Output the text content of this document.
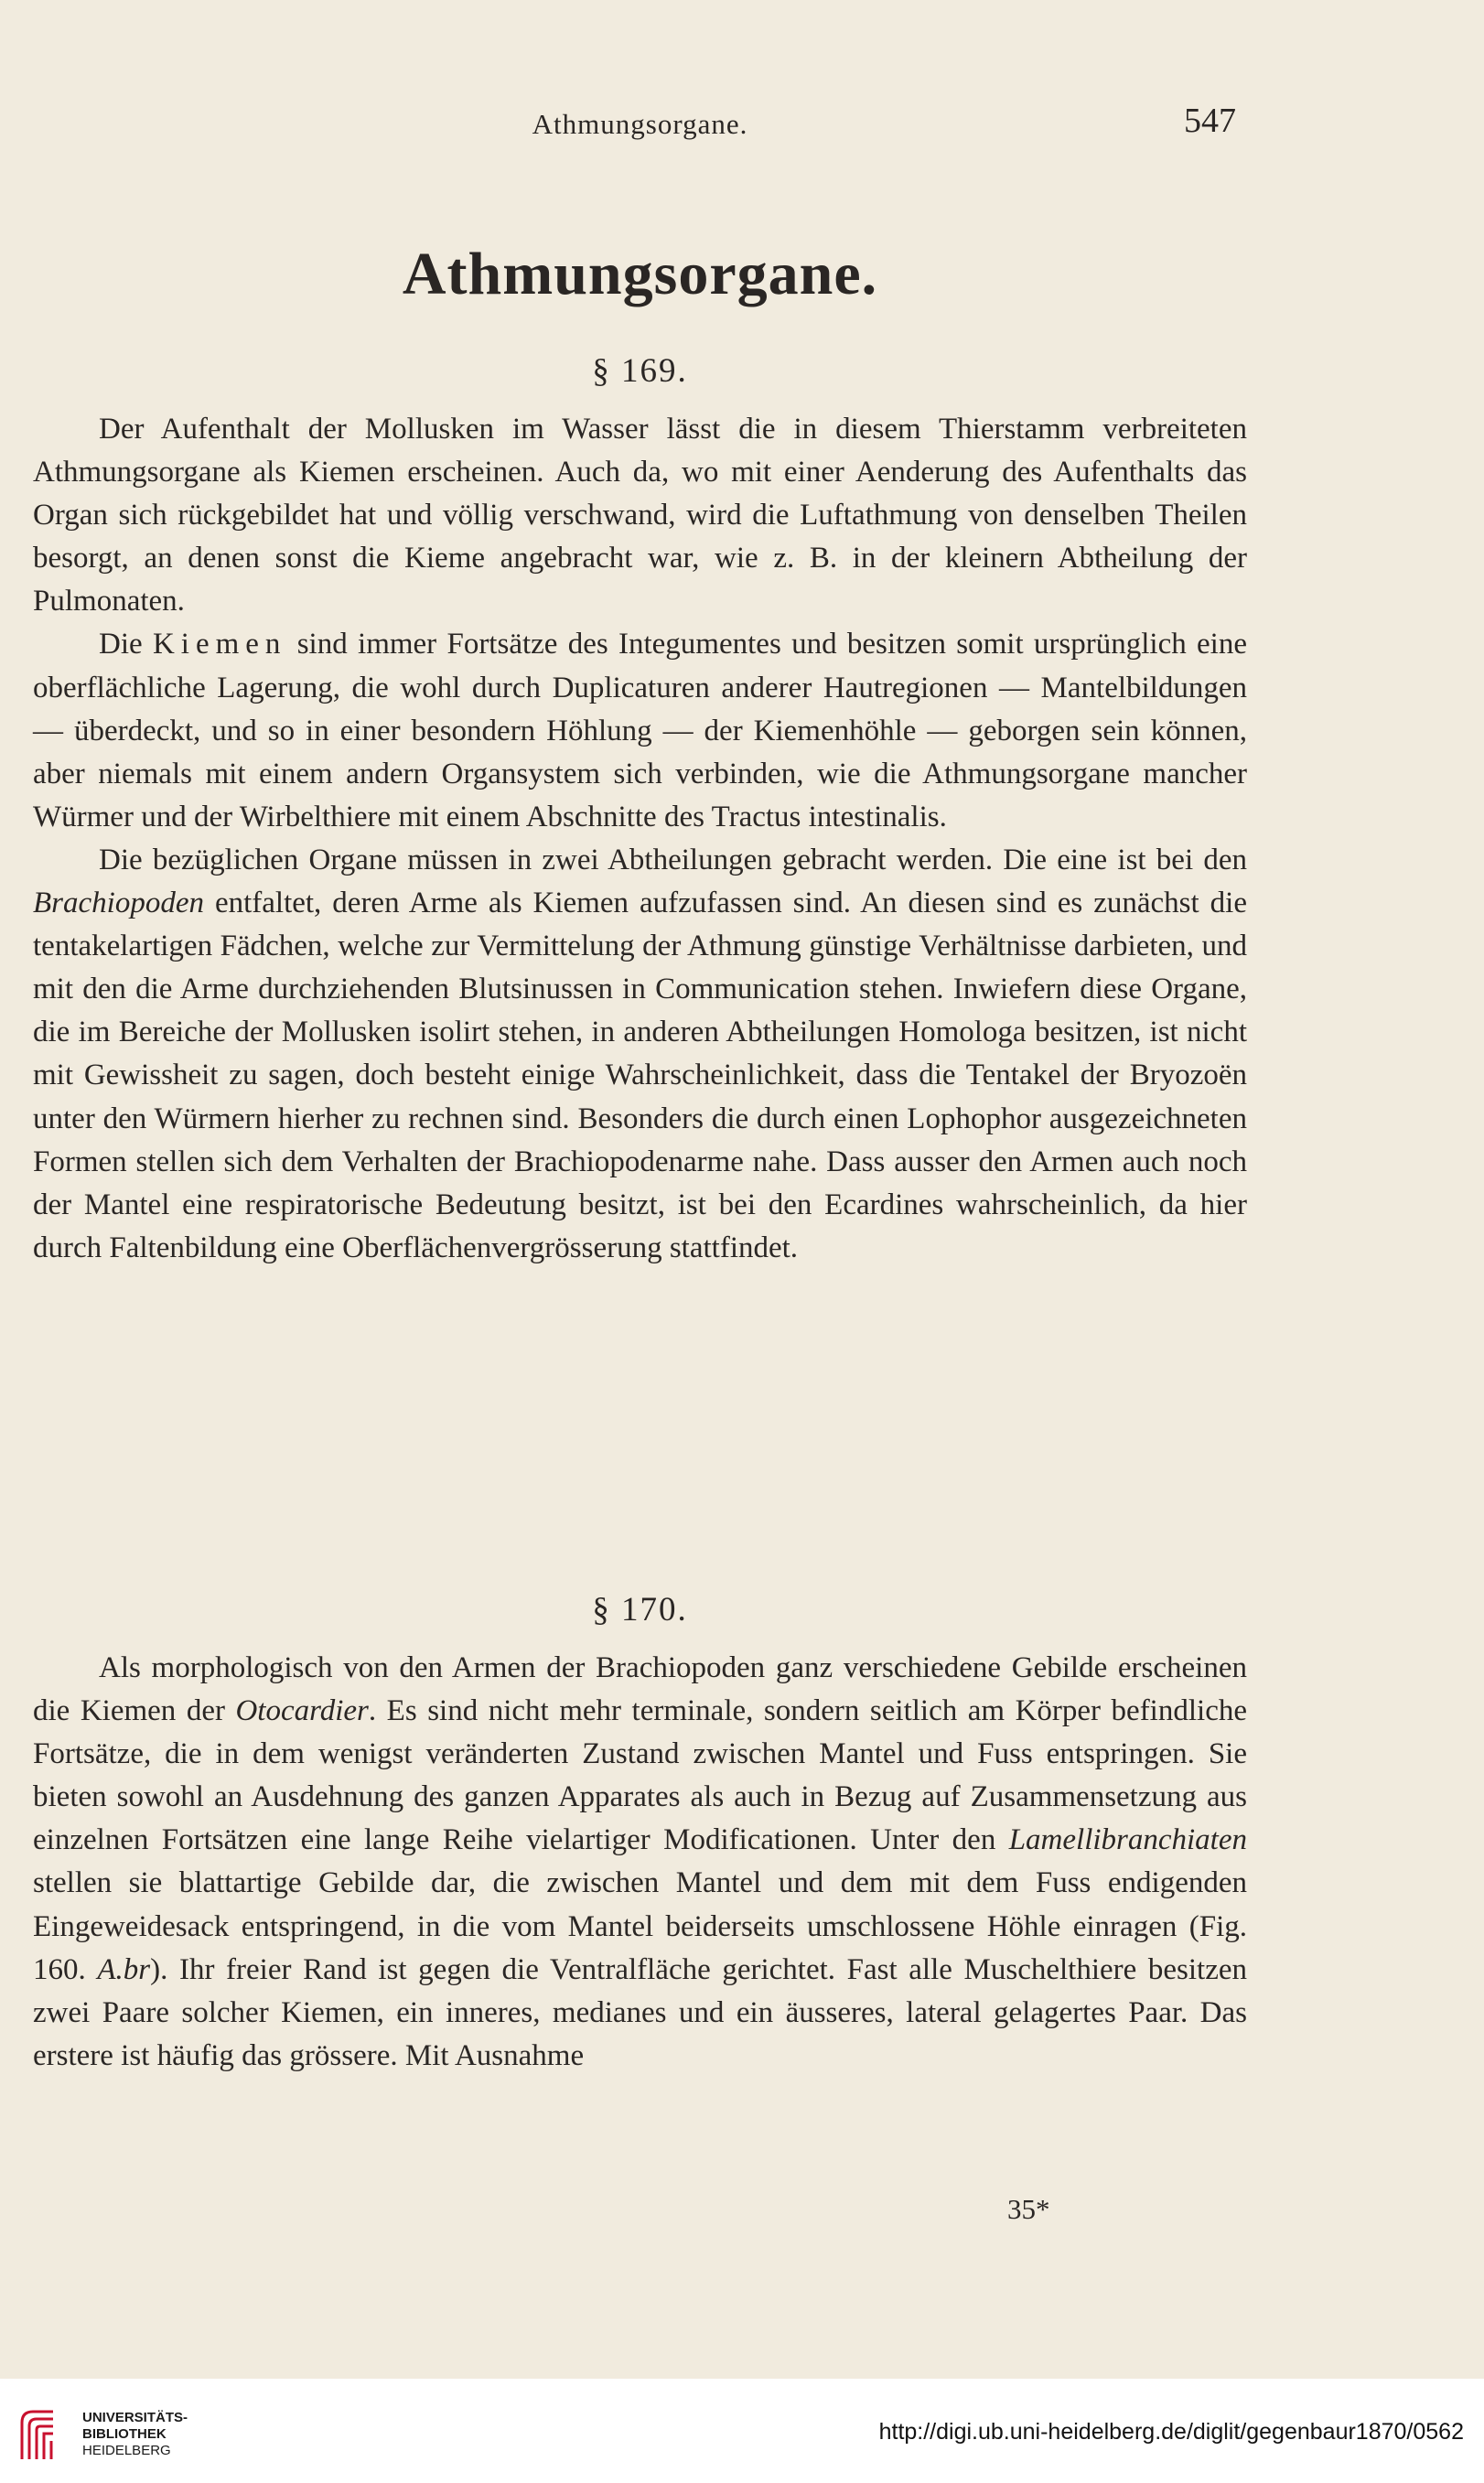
Athmungsorgane.	547
Athmungsorgane.
§ 169.

Der Aufenthalt der Mollusken im Wasser lässt die in diesem Thierstamm verbreiteten Athmungsorgane als Kiemen erscheinen. Auch da, wo mit einer Aenderung des Aufenthalts das Organ sich rückgebildet hat und völlig verschwand, wird die Luftathmung von denselben Theilen besorgt, an denen sonst die Kieme angebracht war, wie z. B. in der kleinern Abtheilung der Pulmonaten.

Die Kiemen sind immer Fortsätze des Integumentes und besitzen somit ursprünglich eine oberflächliche Lagerung, die wohl durch Duplicaturen anderer Hautregionen — Mantelbildungen — überdeckt, und so in einer besondern Höhlung — der Kiemenhöhle — geborgen sein können, aber niemals mit einem andern Organsystem sich verbinden, wie die Athmungsorgane mancher Würmer und der Wirbelthiere mit einem Abschnitte des Tractus intestinalis.

Die bezüglichen Organe müssen in zwei Abtheilungen gebracht werden. Die eine ist bei den Brachiopoden entfaltet, deren Arme als Kiemen aufzufassen sind. An diesen sind es zunächst die tentakelartigen Fädchen, welche zur Vermittelung der Athmung günstige Verhältnisse darbieten, und mit den die Arme durchziehenden Blutsinussen in Communication stehen. Inwiefern diese Organe, die im Bereiche der Mollusken isolirt stehen, in anderen Abtheilungen Homologa besitzen, ist nicht mit Gewissheit zu sagen, doch besteht einige Wahrscheinlichkeit, dass die Tentakel der Bryozoën unter den Würmern hierher zu rechnen sind. Besonders die durch einen Lophophor ausgezeichneten Formen stellen sich dem Verhalten der Brachiopodenarme nahe. Dass ausser den Armen auch noch der Mantel eine respiratorische Bedeutung besitzt, ist bei den Ecardines wahrscheinlich, da hier durch Faltenbildung eine Oberflächenvergrösserung stattfindet.

§ 170.

Als morphologisch von den Armen der Brachiopoden ganz verschiedene Gebilde erscheinen die Kiemen der Otocardier. Es sind nicht mehr terminale, sondern seitlich am Körper befindliche Fortsätze, die in dem wenigst veränderten Zustand zwischen Mantel und Fuss entspringen. Sie bieten sowohl an Ausdehnung des ganzen Apparates als auch in Bezug auf Zusammensetzung aus einzelnen Fortsätzen eine lange Reihe vielartiger Modificationen. Unter den Lamellibranchiaten stellen sie blattartige Gebilde dar, die zwischen Mantel und dem mit dem Fuss endigenden Eingeweidesack entspringend, in die vom Mantel beiderseits umschlossene Höhle einragen (Fig. 160. A.br). Ihr freier Rand ist gegen die Ventralfläche gerichtet. Fast alle Muschelthiere besitzen zwei Paare solcher Kiemen, ein inneres, medianes und ein äusseres, lateral gelagertes Paar. Das erstere ist häufig das grössere. Mit Ausnahme

35*
UNIVERSITÄTS-
BIBLIOTHEK
HEIDELBERG
http://digi.ub.uni-heidelberg.de/diglit/gegenbaur1870/0562
